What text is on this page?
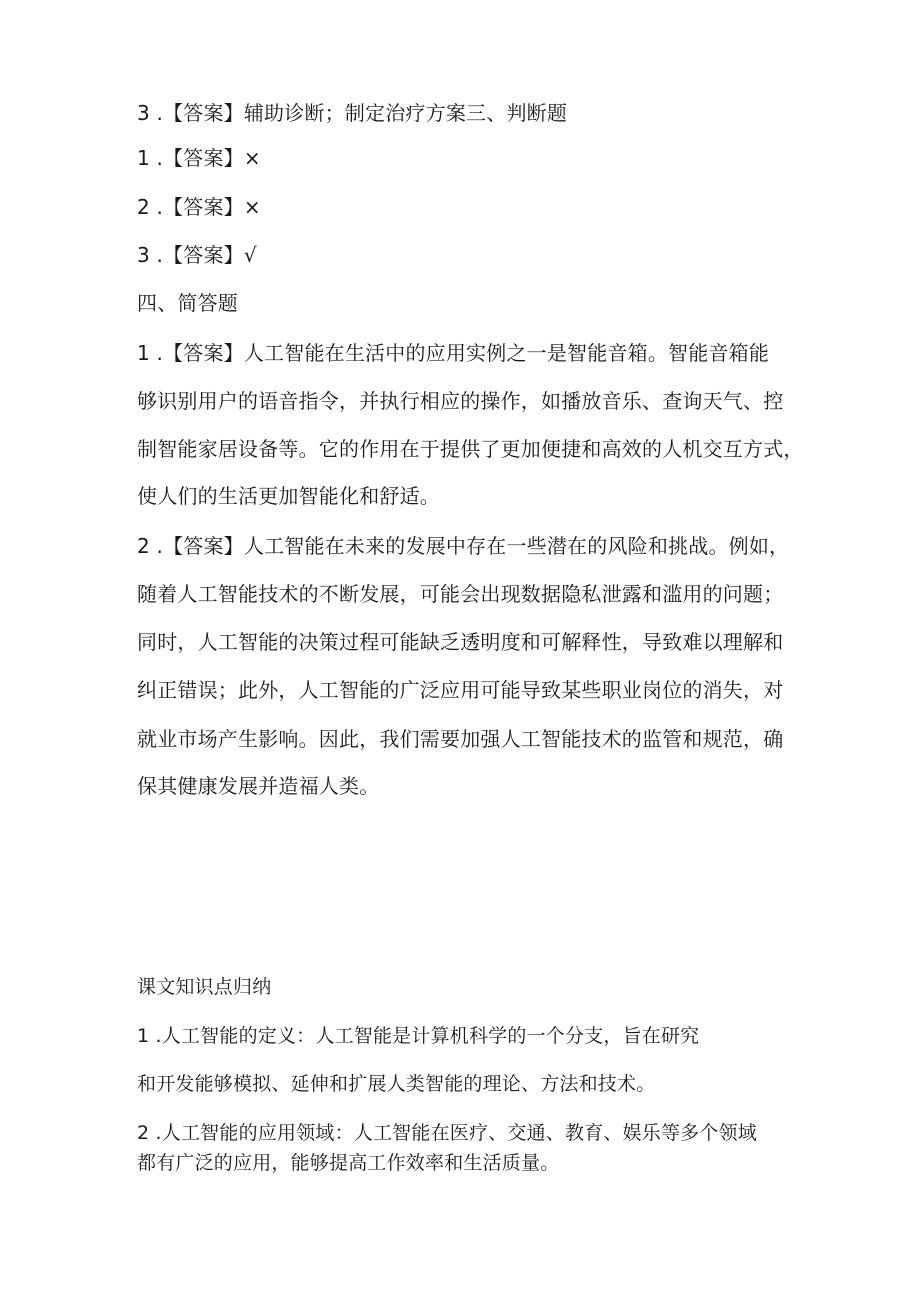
3 .【答案】辅助诊断；制定治疗方案三、判断题
1 .【答案】×
2 .【答案】×
3 .【答案】√
四、简答题
1 .【答案】人工智能在生活中的应用实例之一是智能音箱。智能音箱能
够识别用户的语音指令，并执行相应的操作，如播放音乐、查询天气、控
制智能家居设备等。它的作用在于提供了更加便捷和高效的人机交互方式，
使人们的生活更加智能化和舒适。
2 .【答案】人工智能在未来的发展中存在一些潜在的风险和挑战。例如，
随着人工智能技术的不断发展，可能会出现数据隐私泄露和滥用的问题；
同时，人工智能的决策过程可能缺乏透明度和可解释性，导致难以理解和
纠正错误；此外，人工智能的广泛应用可能导致某些职业岗位的消失，对
就业市场产生影响。因此，我们需要加强人工智能技术的监管和规范，确
保其健康发展并造福人类。
课文知识点归纳
1 .人工智能的定义：人工智能是计算机科学的一个分支，旨在研究
和开发能够模拟、延伸和扩展人类智能的理论、方法和技术。
2 .人工智能的应用领域：人工智能在医疗、交通、教育、娱乐等多个领域
都有广泛的应用，能够提高工作效率和生活质量。
